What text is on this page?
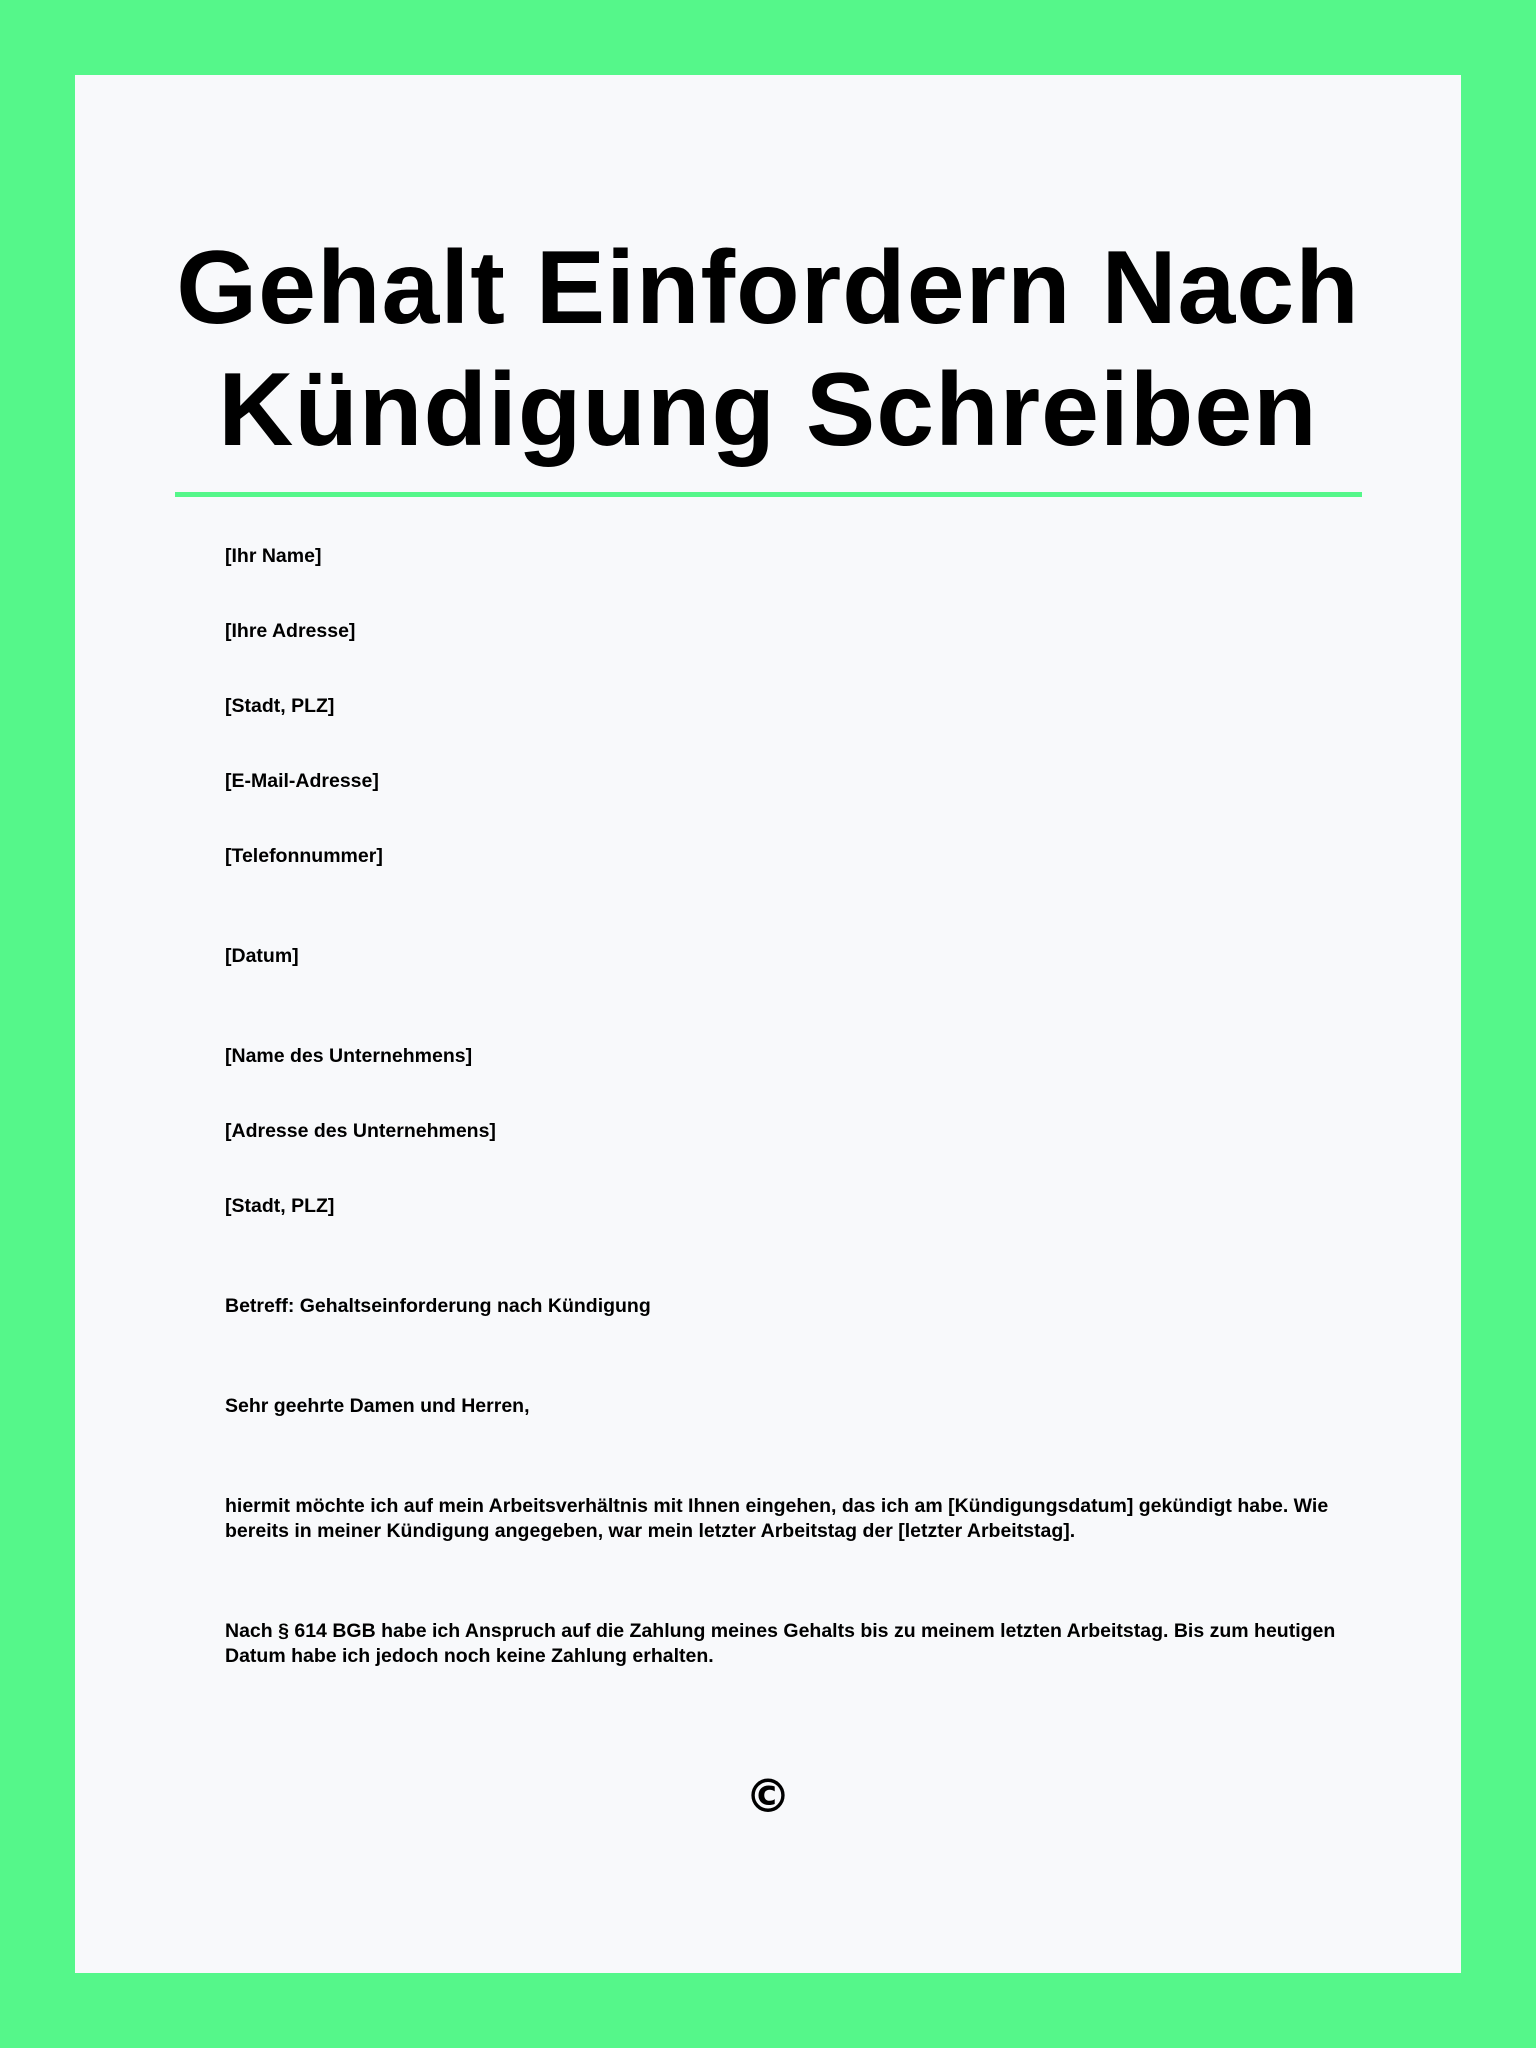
Gehalt Einfordern Nach Kündigung Schreiben

[Ihr Name]

[Ihre Adresse]

[Stadt, PLZ]

[E-Mail-Adresse]

[Telefonnummer]

[Datum]

[Name des Unternehmens]

[Adresse des Unternehmens]

[Stadt, PLZ]

Betreff: Gehaltseinforderung nach Kündigung

Sehr geehrte Damen und Herren,

hiermit möchte ich auf mein Arbeitsverhältnis mit Ihnen eingehen, das ich am [Kündigungsdatum] gekündigt habe. Wie bereits in meiner Kündigung angegeben, war mein letzter Arbeitstag der [letzter Arbeitstag].

Nach § 614 BGB habe ich Anspruch auf die Zahlung meines Gehalts bis zu meinem letzten Arbeitstag. Bis zum heutigen Datum habe ich jedoch noch keine Zahlung erhalten.

©
